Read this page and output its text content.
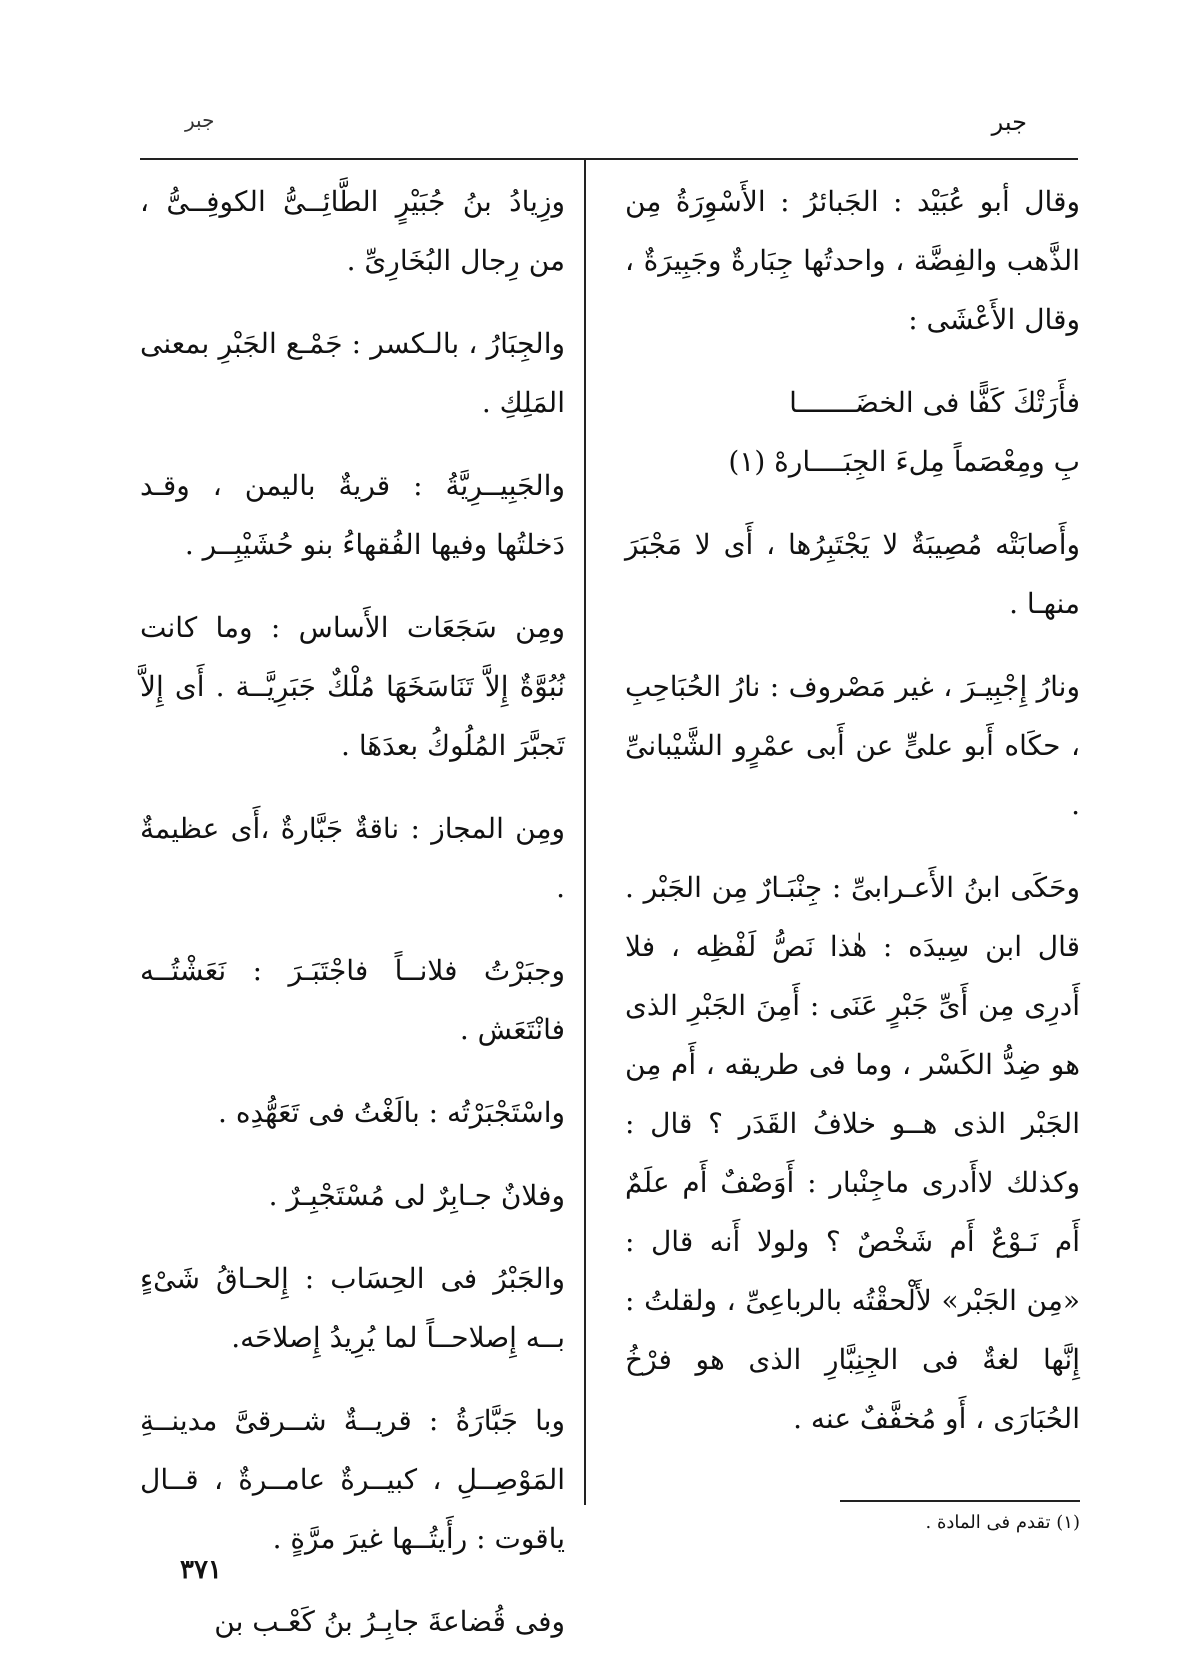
جبر
جبر

وقال أبو عُبَيْد : الجَبائرُ : الأَسْوِرَةُ مِن الذَّهب والفِضَّة ، واحدتُها جِبَارةٌ وجَبِيرَةٌ ، وقال الأَعْشَى :

فأَرَتْكَ كَفًّا فى الخضَـــــــا

بِ ومِعْصَماً مِلءَ الجِبَــــارهْ (١)

وأَصابَتْه مُصِيبَةٌ لا يَجْتَبِرُها ، أَى لا مَجْبَرَ منهـا .

ونارُ إِجْبِيـرَ ، غير مَصْروف : نارُ الحُبَاحِبِ ، حكَاه أَبو علىٍّ عن أَبى عمْرٍو الشَّيْبانىِّ .

وحَكَى ابنُ الأَعـرابىِّ : جِنْبَـارٌ مِن الجَبْر . قال ابن سِيدَه : هٰذا نَصُّ لَفْظِه ، فلا أَدرِى مِن أَىِّ جَبْرٍ عَنَى : أَمِنَ الجَبْرِ الذى هو ضِدُّ الكَسْر ، وما فى طريقه ، أَم مِن الجَبْر الذى هــو خلافُ القَدَر ؟ قال : وكذلك لاأَدرى ماجِنْبار : أَوَصْفٌ أَم علَمٌ أَم نَـوْعٌ أَم شَخْصٌ ؟ ولولا أَنه قال : «مِن الجَبْر» لأَلْحقْتُه بالرباعِىِّ ، ولقلتُ : إِنَّها لغةٌ فى الجِنِبَّارِ الذى هو فرْخُ الحُبَارَى ، أَو مُخفَّفٌ عنه .

وزِيادُ بنُ جُبَيْرٍ الطَّائِــىُّ الكوفِــىُّ ، من رِجال البُخَارِىِّ .

والجِبَارُ ، بالـكسر : جَمْـع الجَبْرِ بمعنى المَلِكِ .

والجَبِيــرِيَّةُ : قريةٌ باليمن ، وقـد دَخلتُها وفيها الفُقهاءُ بنو حُشَيْبِــر .

ومِن سَجَعَات الأَساس : وما كانت نُبُوَّةٌ إِلاَّ تَنَاسَخَهَا مُلْكٌ جَبَرِيَّــة . أَى إِلاَّ تَجبَّرَ المُلُوكُ بعدَهَا .

ومِن المجاز : ناقةٌ جَبَّارةٌ ،أَى عظيمةٌ .

وجبَرْتُ فلانــاً فاجْتَبَـرَ : نَعَشْتُــه فانْتَعَش .

واسْتَجْبَرْتُه : بالَغْتُ فى تَعَهُّدِه .

وفلانٌ جـابِرٌ لى مُسْتَجْبِـرٌ .

والجَبْرُ فى الحِسَاب : إِلحـاقُ شَىْءٍ بــه إِصلاحــاً لما يُرِيدُ إِصلاحَه.

وبا جَبَّارَةُ : قريــةٌ شــرقىَّ مدينــةِ المَوْصِــلِ ، كبيــرةٌ عامــرةٌ ، قــال ياقوت : رأَيتُــها غيرَ مرَّةٍ .

وفى قُضاعةَ جابِـرُ بنُ كَعْـب بن

(١) تقدم فى المادة .
٣٧١
